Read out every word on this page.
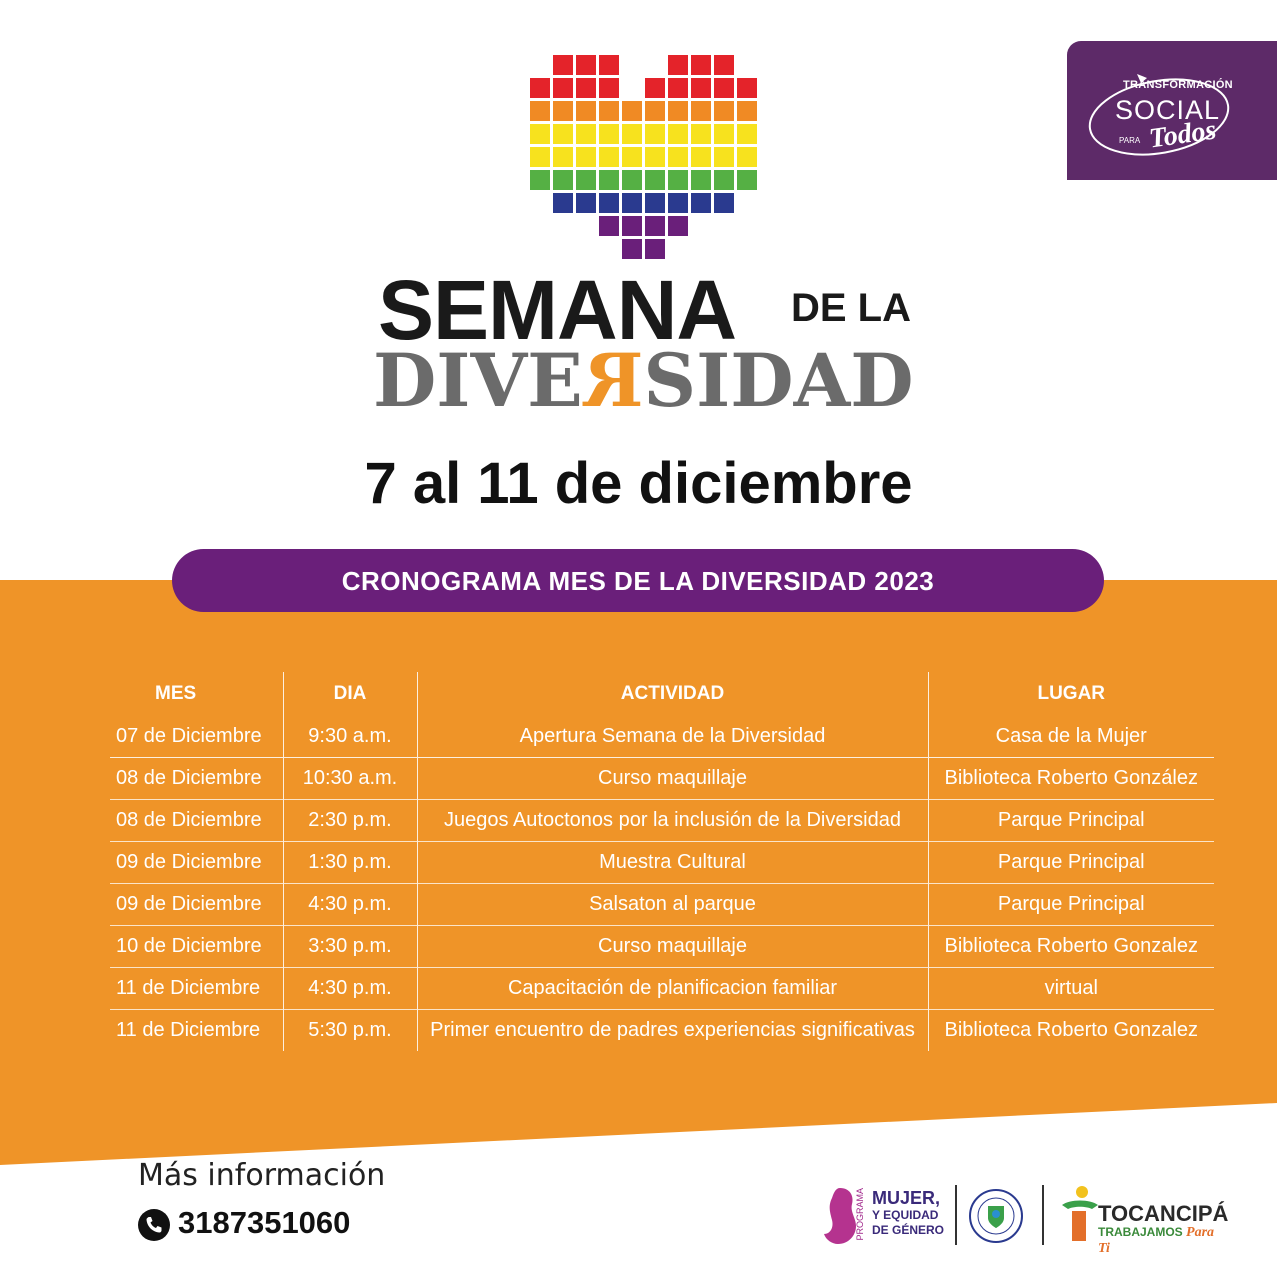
TRANSFORMACIÓN
SOCIAL
PARA Todos
SEMANA DE LA
DIVERSIDAD
7 al 11 de diciembre
CRONOGRAMA MES DE LA DIVERSIDAD 2023
MES	DIA	ACTIVIDAD	LUGAR
07 de Diciembre	9:30 a.m.	Apertura Semana de la Diversidad	Casa de la Mujer
08 de Diciembre	10:30 a.m.	Curso maquillaje	Biblioteca Roberto González
08 de Diciembre	2:30 p.m.	Juegos Autoctonos por la inclusión de la Diversidad	Parque Principal
09 de Diciembre	1:30 p.m.	Muestra Cultural	Parque Principal
09 de Diciembre	4:30 p.m.	Salsaton al parque	Parque Principal
10 de Diciembre	3:30 p.m.	Curso maquillaje	Biblioteca Roberto Gonzalez
11 de Diciembre	4:30 p.m.	Capacitación de planificacion familiar	virtual
11 de Diciembre	5:30 p.m.	Primer encuentro de padres experiencias significativas	Biblioteca Roberto Gonzalez
Más información
3187351060	PROGRAMA MUJER,
Y EQUIDAD
DE GÉNERO
TOCANCIPÁ
TRABAJAMOS Para Ti
